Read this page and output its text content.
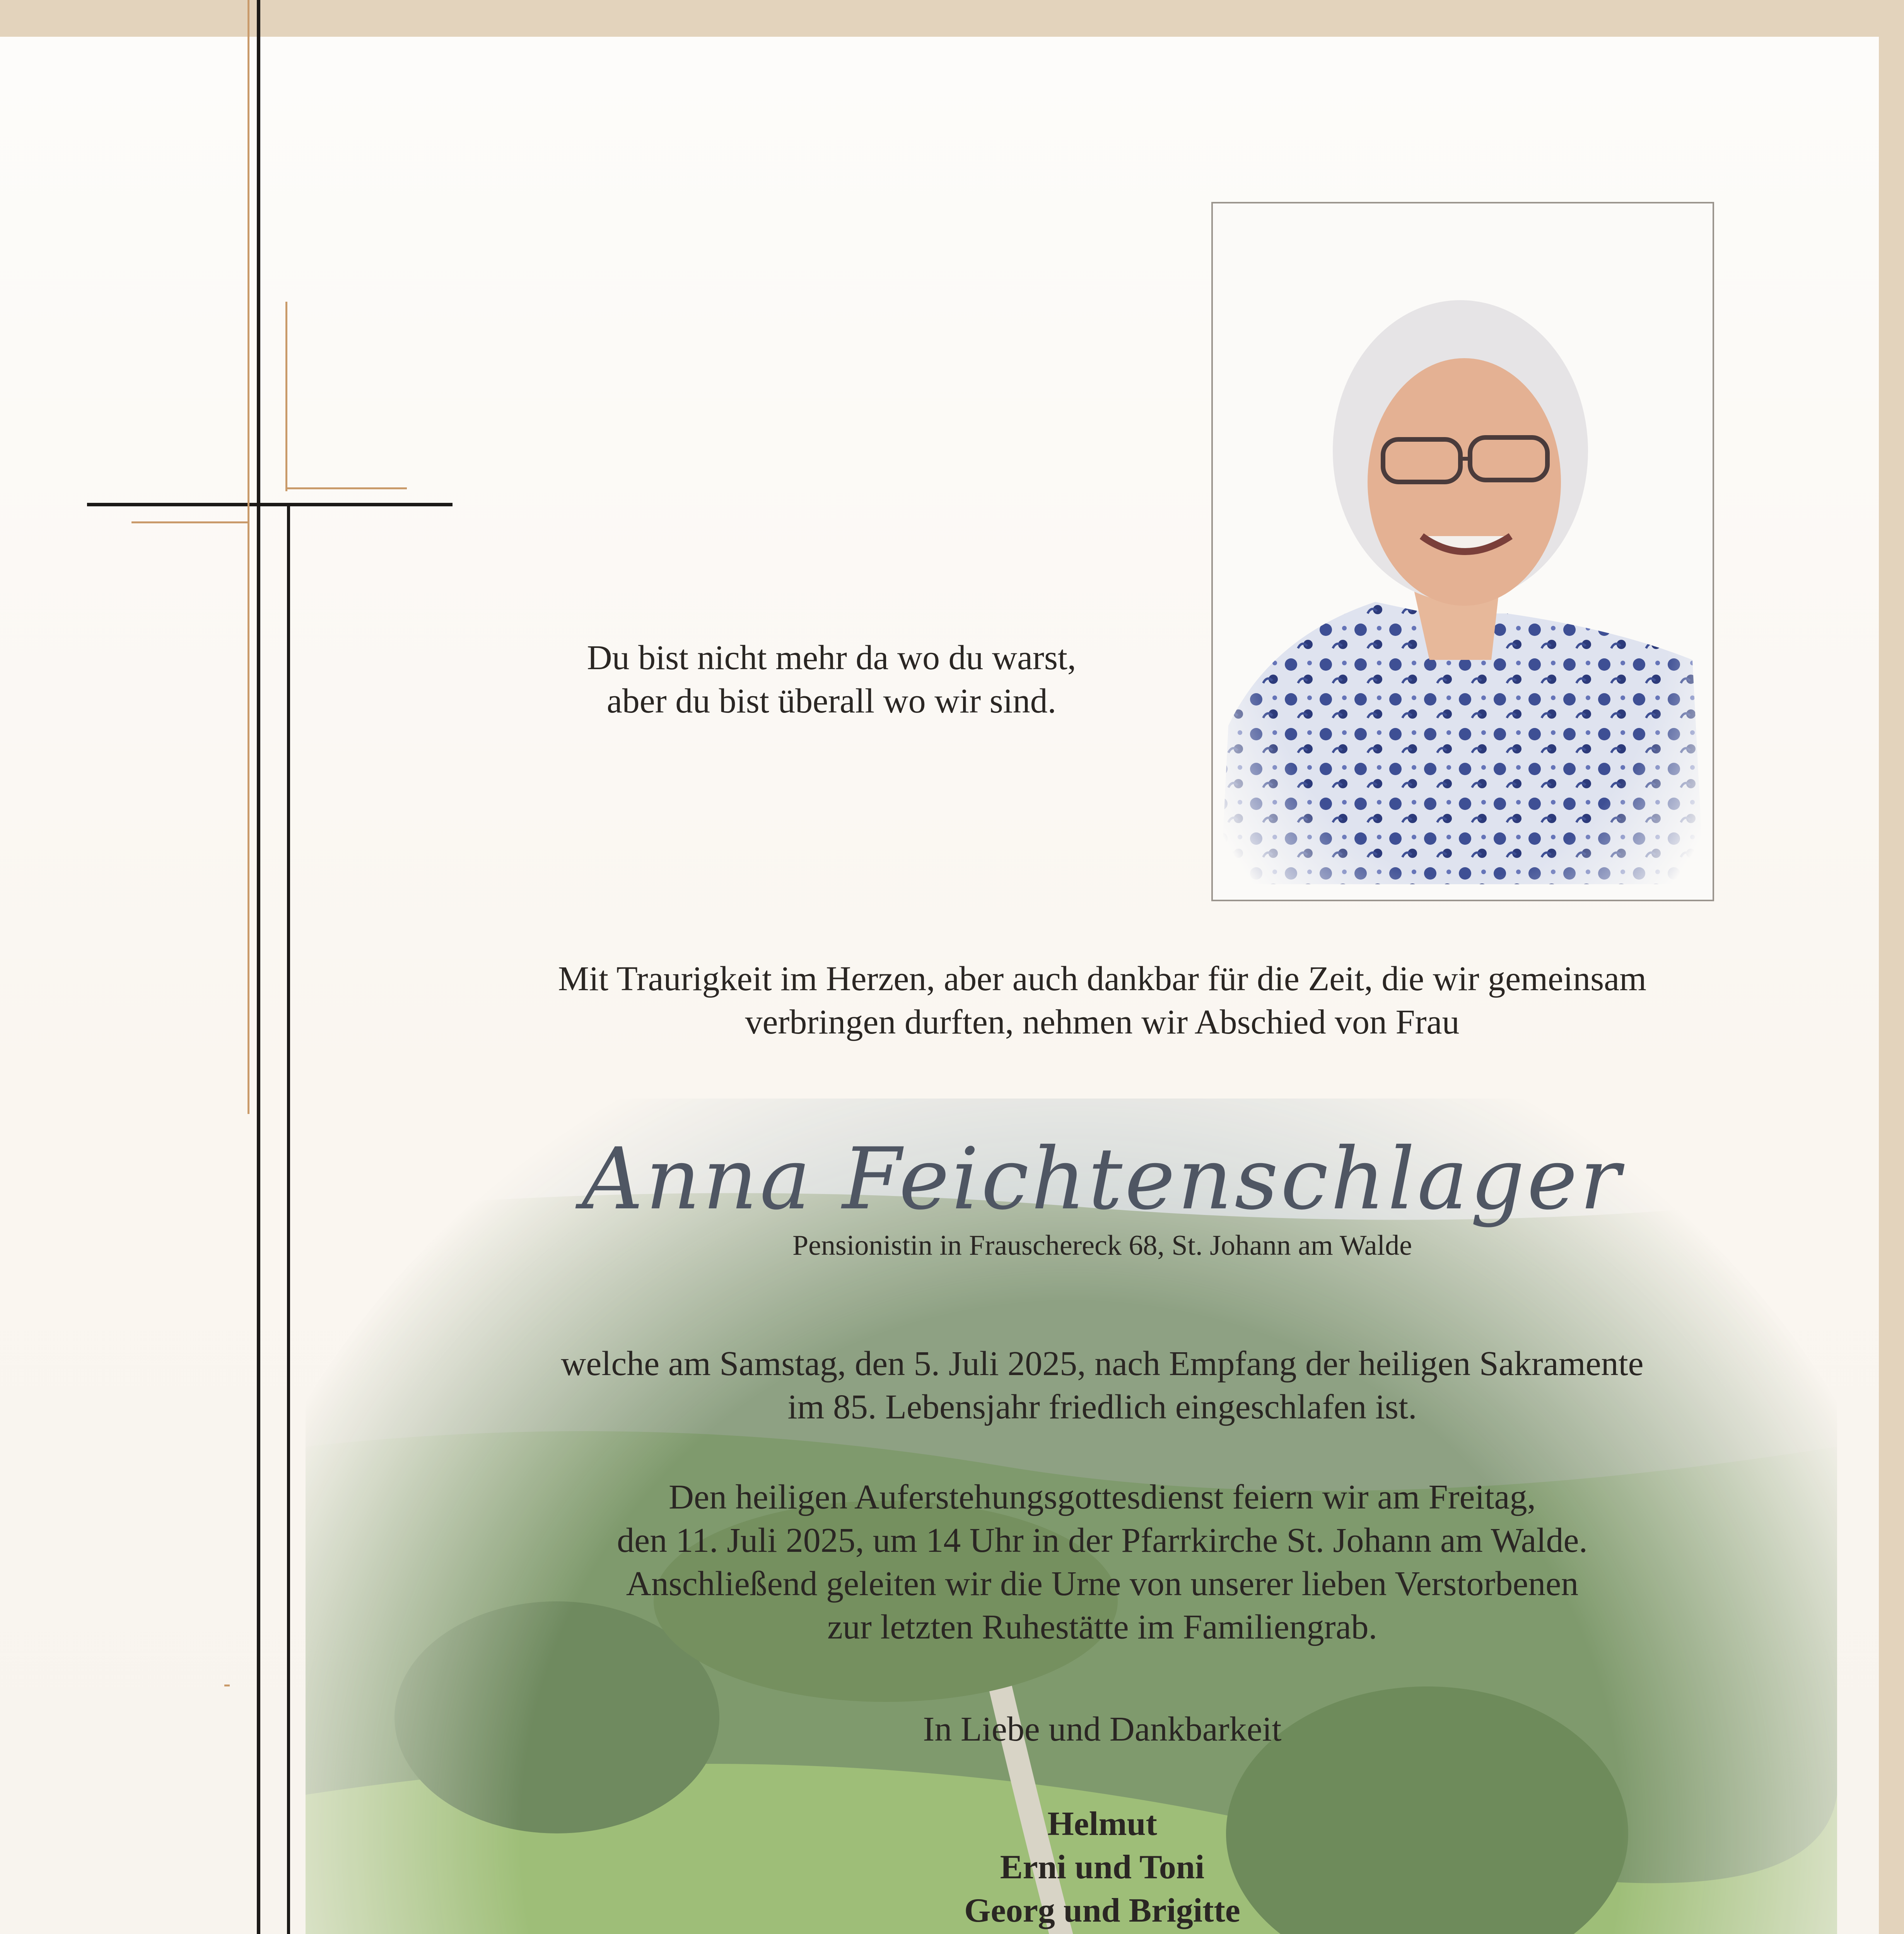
Du bist nicht mehr da wo du warst,

aber du bist überall wo wir sind.

Mit Traurigkeit im Herzen, aber auch dankbar für die Zeit, die wir gemeinsam

verbringen durften, nehmen wir Abschied von Frau

Anna Feichtenschlager

Pensionistin in Frauschereck 68, St. Johann am Walde

welche am Samstag, den 5. Juli 2025, nach Empfang der heiligen Sakramente

im 85. Lebensjahr friedlich eingeschlafen ist.

Den heiligen Auferstehungsgottesdienst feiern wir am Freitag,

den 11. Juli 2025, um 14 Uhr in der Pfarrkirche St. Johann am Walde.

Anschließend geleiten wir die Urne von unserer lieben Verstorbenen

zur letzten Ruhestätte im Familiengrab.

In Liebe und Dankbarkeit

Helmut

Erni und Toni

Georg und Brigitte
